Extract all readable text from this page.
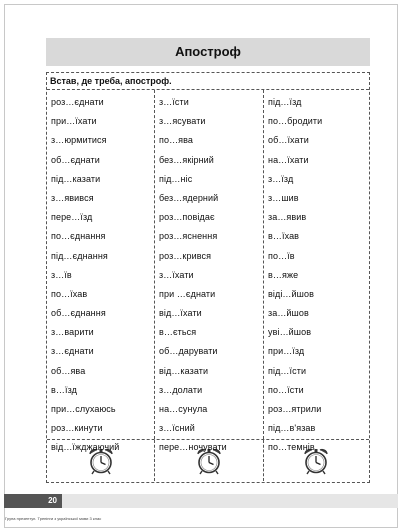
Апостроф
Встав, де треба, апостроф.
роз…єднати
при…їхати
з…юрмитися
об…єднати
під…казати
з…явився
пере…їзд
по…єднання
під…єднання
з…їв
по…їхав
об…єднання
з…варити
з…єднати
об…ява
в…їзд
при…слухаюсь
роз…кинути
від…їжджаючий
з…їсти
з…ясувати
по…ява
без…якірний
під…ніс
без…ядерний
роз…повідає
роз…яснення
роз…крився
з…їхати
при …єднати
від…їхати
в…ється
об…дарувати
від…казати
з…долати
на…сунула
з…їсний
пере…ночувати
під…їзд
по…бродити
об…їхати
на…їхати
з…їзд
з…шив
за…явив
в…їхав
по…їв
в…яже
віді…йшов
за…йшов
уві…йшов
при…їзд
під…їсти
по…їсти
роз…ятрили
під…в'язав
по…темнів
20
Група презентує. Тренінги з української мови 3 клас
